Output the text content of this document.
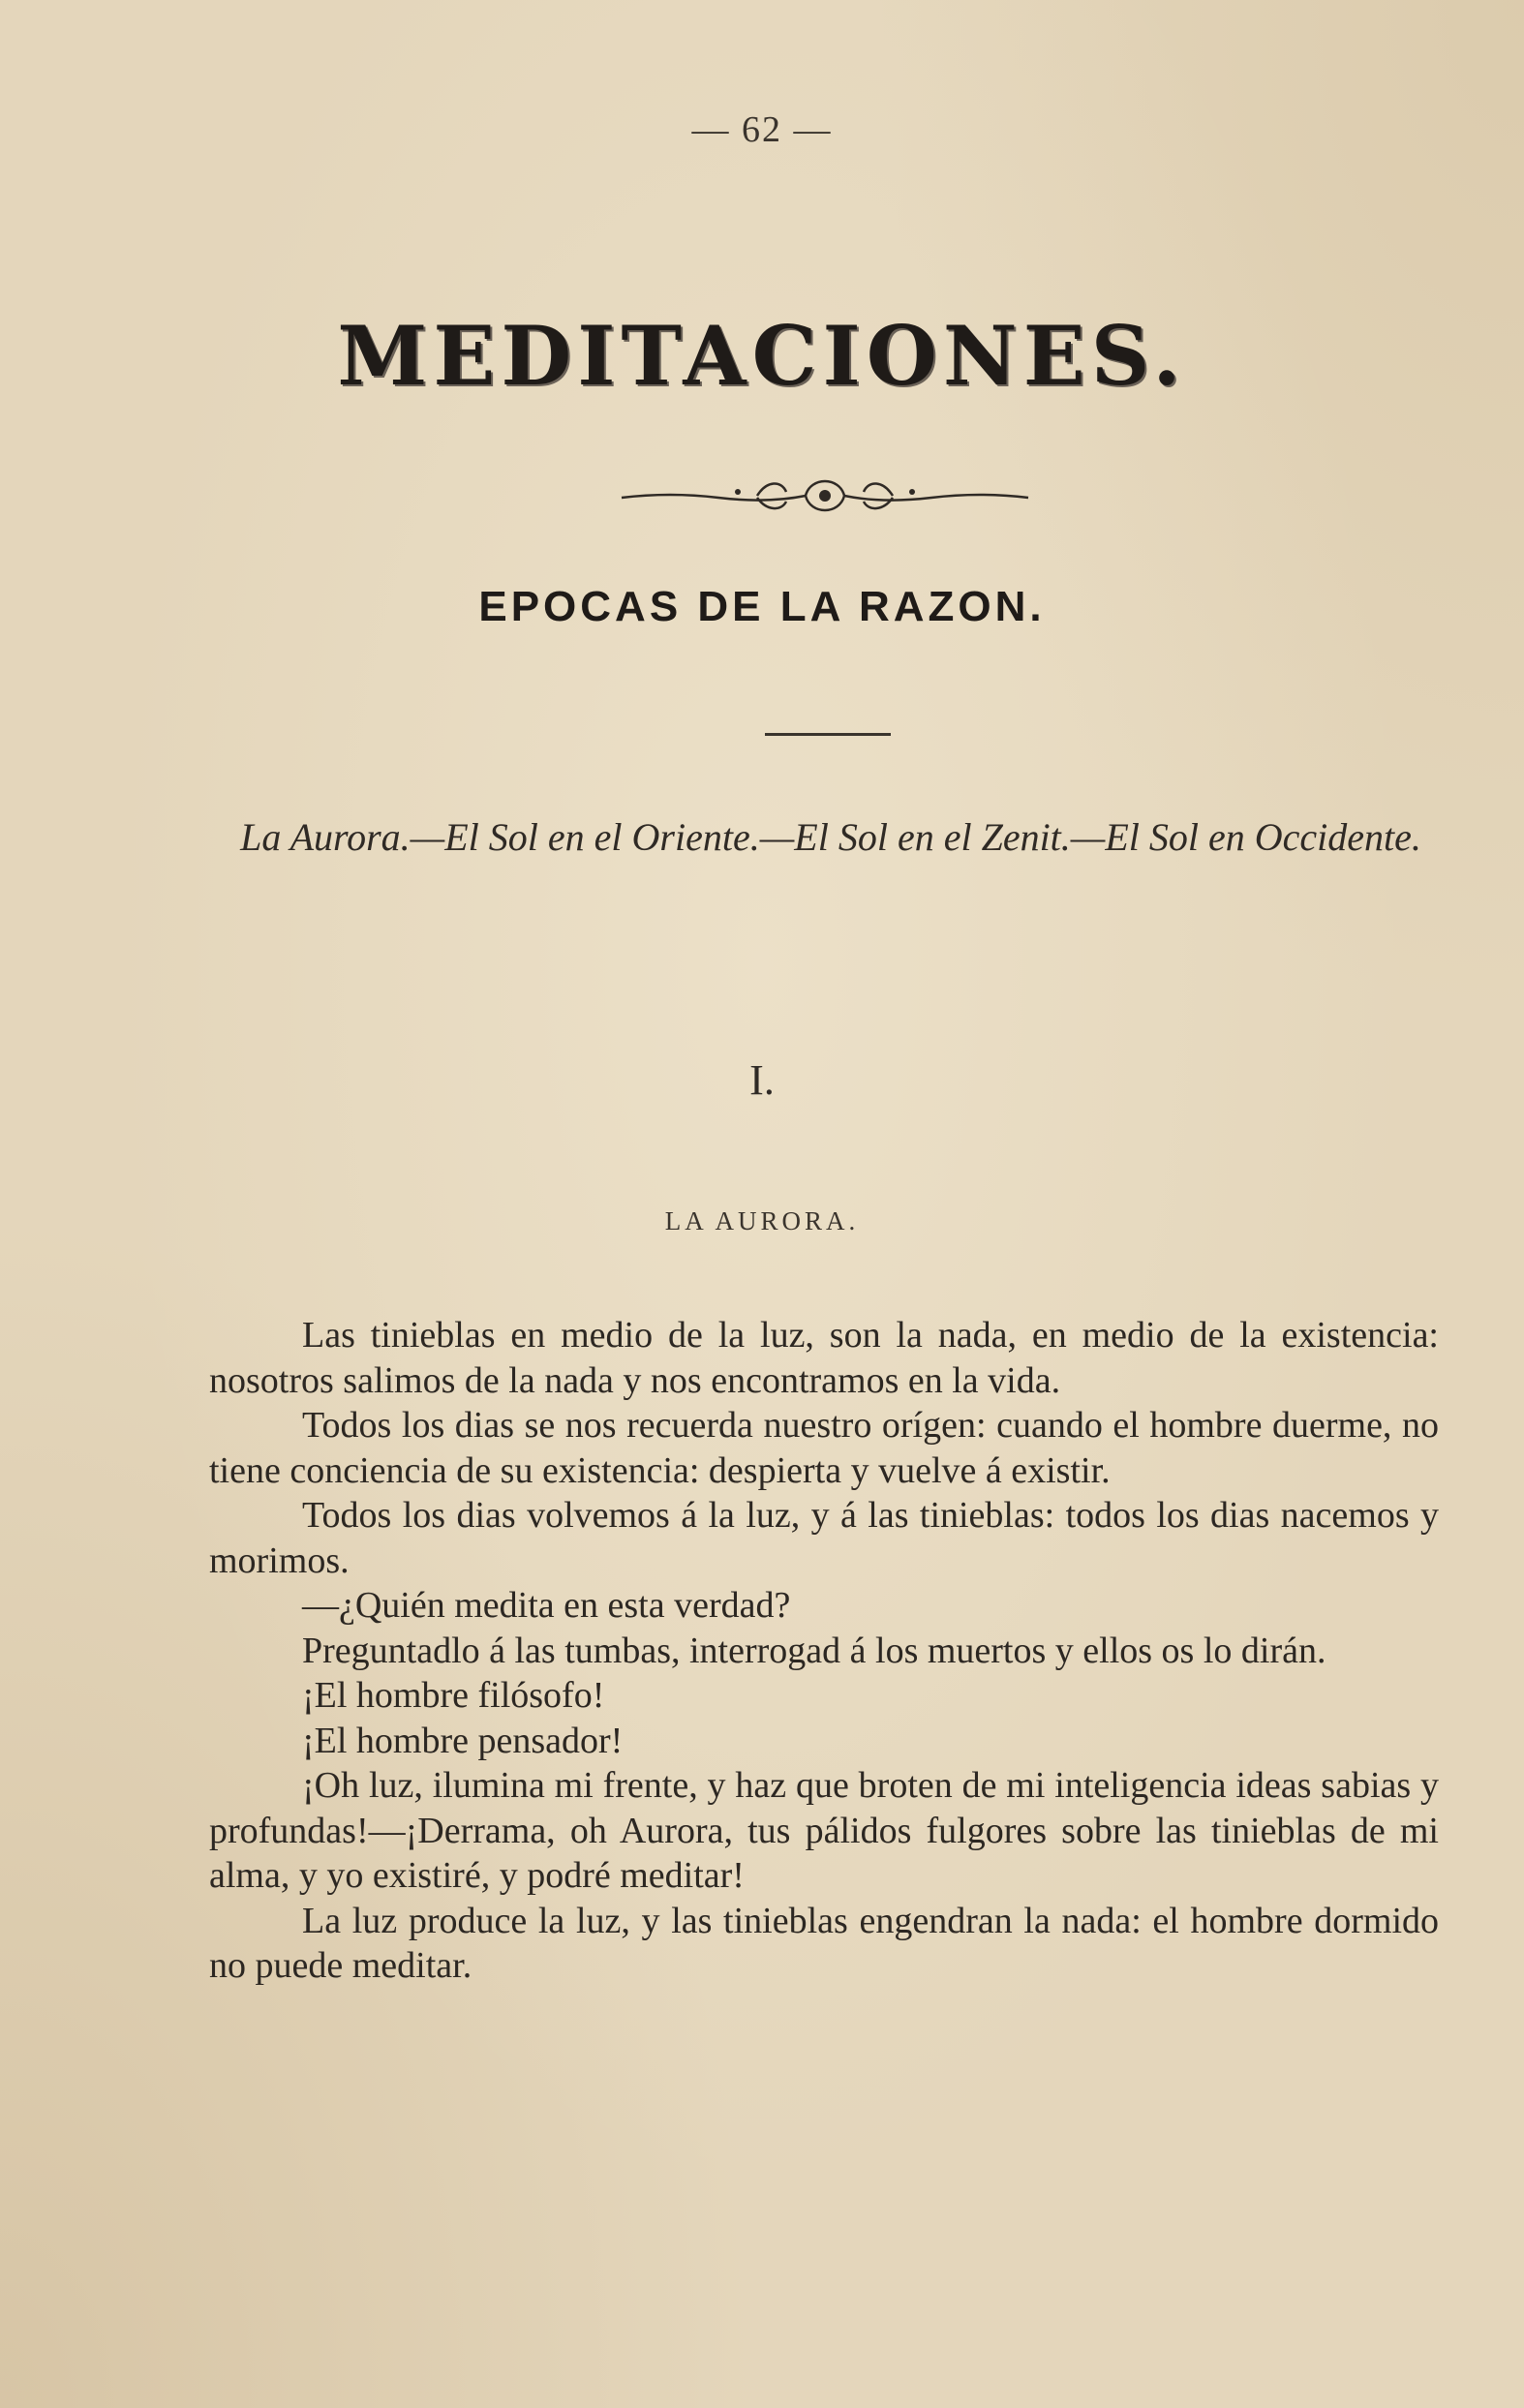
— 62 —
MEDITACIONES.
EPOCAS DE LA RAZON.
La Aurora.—El Sol en el Oriente.—El Sol en el Zenit.—El Sol en Occidente.
I.
LA AURORA.

Las tinieblas en medio de la luz, son la nada, en medio de la existencia: nosotros salimos de la nada y nos encontramos en la vida.

Todos los dias se nos recuerda nuestro orígen: cuando el hombre duerme, no tiene conciencia de su existencia: despierta y vuelve á existir.

Todos los dias volvemos á la luz, y á las tinieblas: todos los dias nacemos y morimos.

—¿Quién medita en esta verdad?

Preguntadlo á las tumbas, interrogad á los muertos y ellos os lo dirán.

¡El hombre filósofo!

¡El hombre pensador!

¡Oh luz, ilumina mi frente, y haz que broten de mi inteligencia ideas sabias y profundas!—¡Derrama, oh Aurora, tus pálidos fulgores sobre las tinieblas de mi alma, y yo existiré, y podré meditar!

La luz produce la luz, y las tinieblas engendran la nada: el hombre dormido no puede meditar.
